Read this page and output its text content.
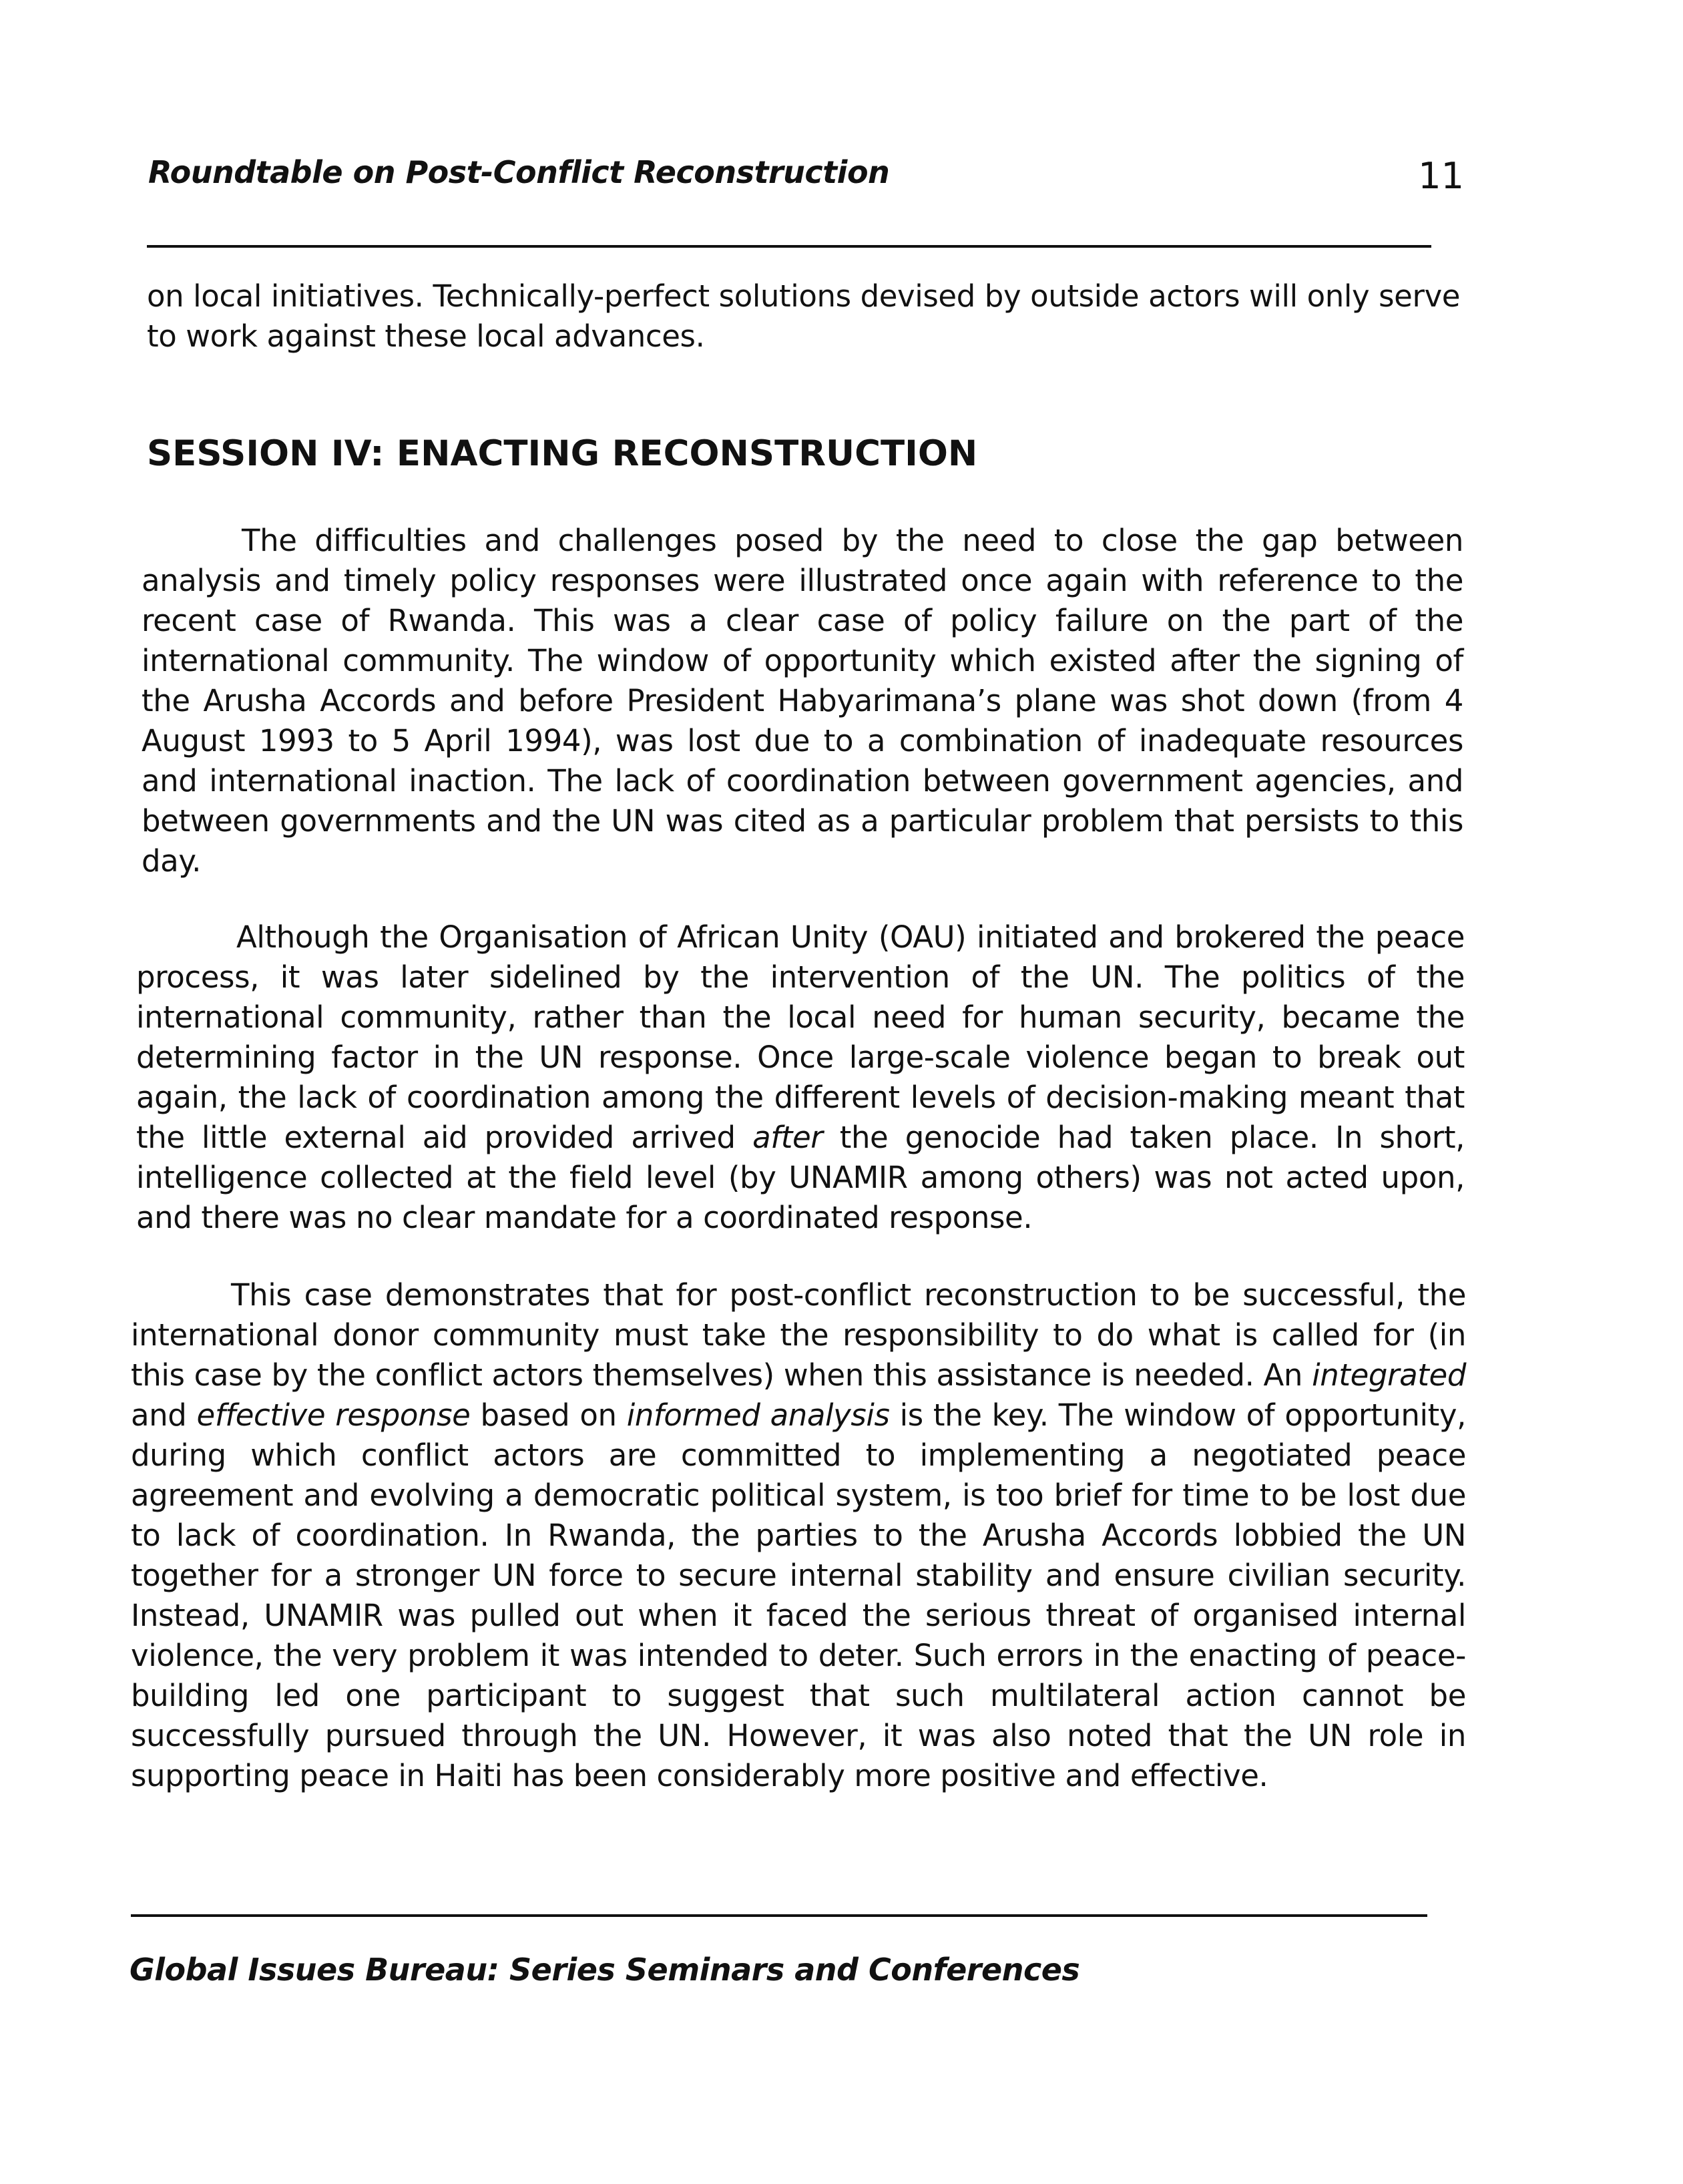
Roundtable on Post-Conflict Reconstruction	11

on local initiatives. Technically-perfect solutions devised by outside actors will only serve to work against these local advances.

SESSION IV: ENACTING RECONSTRUCTION

The difficulties and challenges posed by the need to close the gap between analysis and timely policy responses were illustrated once again with reference to the recent case of Rwanda. This was a clear case of policy failure on the part of the international community. The window of opportunity which existed after the signing of the Arusha Accords and before President Habyarimana’s plane was shot down (from 4 August 1993 to 5 April 1994), was lost due to a combination of inadequate resources and international inaction. The lack of coordination between government agencies, and between governments and the UN was cited as a particular problem that persists to this day.

Although the Organisation of African Unity (OAU) initiated and brokered the peace process, it was later sidelined by the intervention of the UN. The politics of the international community, rather than the local need for human security, became the determining factor in the UN response. Once large-scale violence began to break out again, the lack of coordination among the different levels of decision-making meant that the little external aid provided arrived after the genocide had taken place. In short, intelligence collected at the field level (by UNAMIR among others) was not acted upon, and there was no clear mandate for a coordinated response.

This case demonstrates that for post-conflict reconstruction to be successful, the international donor community must take the responsibility to do what is called for (in this case by the conflict actors themselves) when this assistance is needed. An integrated and effective response based on informed analysis is the key. The window of opportunity, during which conflict actors are committed to implementing a negotiated peace agreement and evolving a democratic political system, is too brief for time to be lost due to lack of coordination. In Rwanda, the parties to the Arusha Accords lobbied the UN together for a stronger UN force to secure internal stability and ensure civilian security. Instead, UNAMIR was pulled out when it faced the serious threat of organised internal violence, the very problem it was intended to deter. Such errors in the enacting of peace-building led one participant to suggest that such multilateral action cannot be successfully pursued through the UN. However, it was also noted that the UN role in supporting peace in Haiti has been considerably more positive and effective.

Global Issues Bureau: Series Seminars and Conferences
